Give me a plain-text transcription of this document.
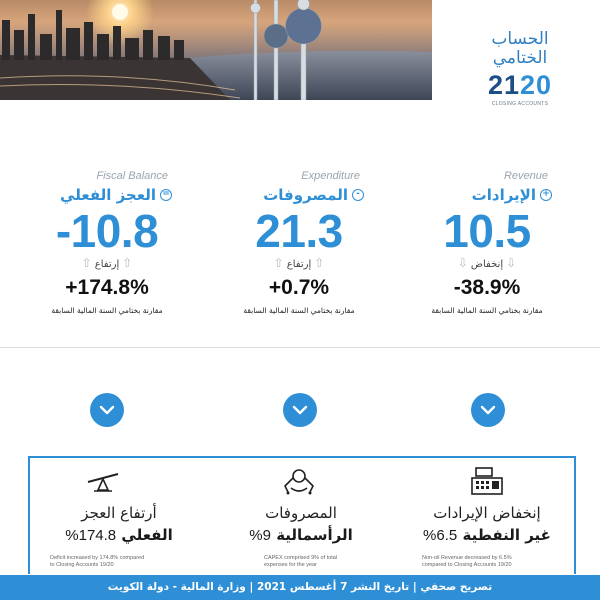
الحساب
الختامي
2120
CLOSING ACCOUNTS
Fiscal Balance
=
العجز الفعلي
-10.8
⇧إرتفاع⇧
+174.8%
مقارنة بختامي السنة المالية السابقة
Expenditure
-
المصروفات
21.3
⇧إرتفاع⇧
+0.7%
مقارنة بختامي السنة المالية السابقة
Revenue
+
الإيرادات
10.5
⇩إنخفاض⇩
-38.9%
مقارنة بختامي السنة المالية السابقة
أرتفاع العجز
الفعلي 174.8%
Deficit increased by 174.8% compared
to Closing Accounts 19/20
المصروفات
الرأسمالية 9%
CAPEX comprised 9% of total
expenses for the year
إنخفاض الإيرادات
غير النفطية 6.5%
Non-oil Revenue decreased by 6.5%
compared to Closing Accounts 19/20
تصريح صحفي | تاريخ النشر 7 أغسطس 2021 | وزارة المالية - دولة الكويت
